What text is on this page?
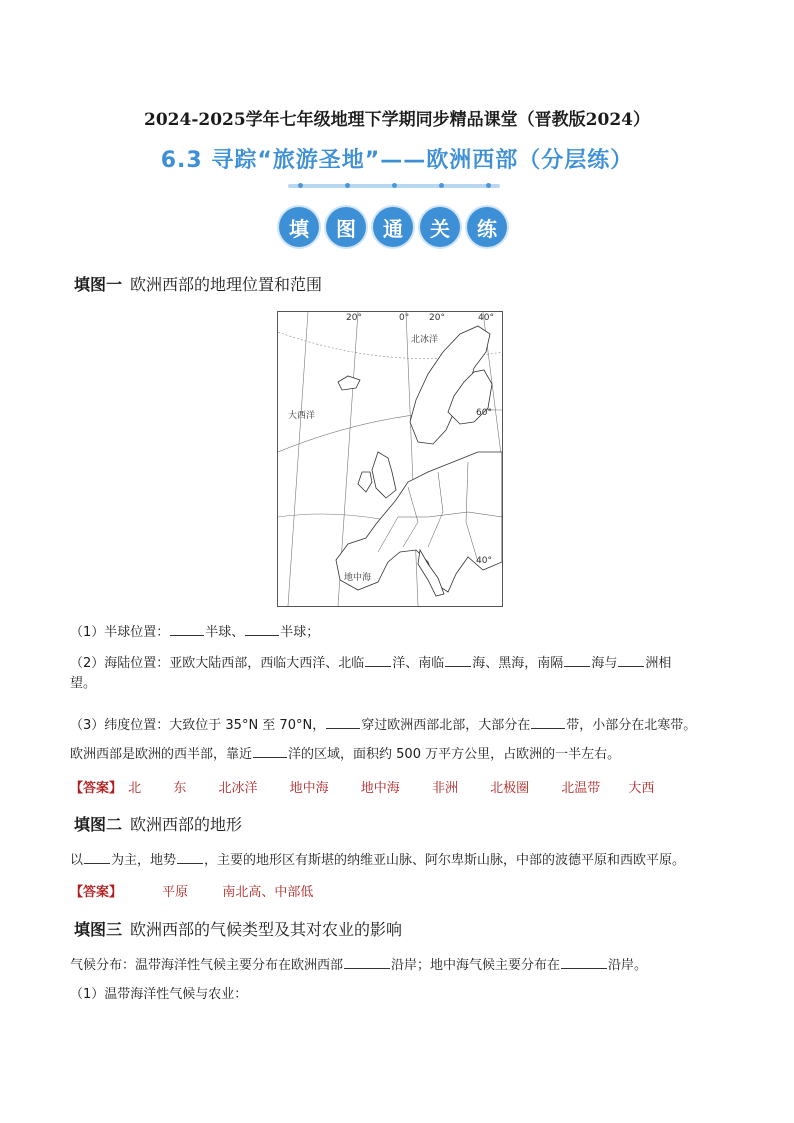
2024-2025学年七年级地理下学期同步精品课堂（晋教版2024）
6.3 寻踪“旅游圣地”——欧洲西部（分层练）
填	图	通	关	练
填图一 欧洲西部的地理位置和范围
20°	0° 20°	40°
60°
40°
北冰洋
大西洋
地中海
（1）半球位置：	半球、	半球；
（2）海陆位置：亚欧大陆西部，西临大西洋、北临 洋、南临 海、黑海，南隔 海与 洲相
望。
（3）纬度位置：大致位于 35°N 至 70°N，	穿过欧洲西部北部，大部分在	带，小部分在北寒带。
欧洲西部是欧洲的西半部，靠近	洋的区域，面积约 500 万平方公里，占欧洲的一半左右。
【答案】 北 东 北冰洋 地中海 地中海 非洲 北极圈 北温带 大西
填图二 欧洲西部的地形
以 为主，地势 ，主要的地形区有斯堪的纳维亚山脉、阿尔卑斯山脉，中部的波德平原和西欧平原。
【答案】	平原	南北高、中部低
填图三 欧洲西部的气候类型及其对农业的影响
气候分布：温带海洋性气候主要分布在欧洲西部	沿岸；地中海气候主要分布在	沿岸。
（1）温带海洋性气候与农业：
